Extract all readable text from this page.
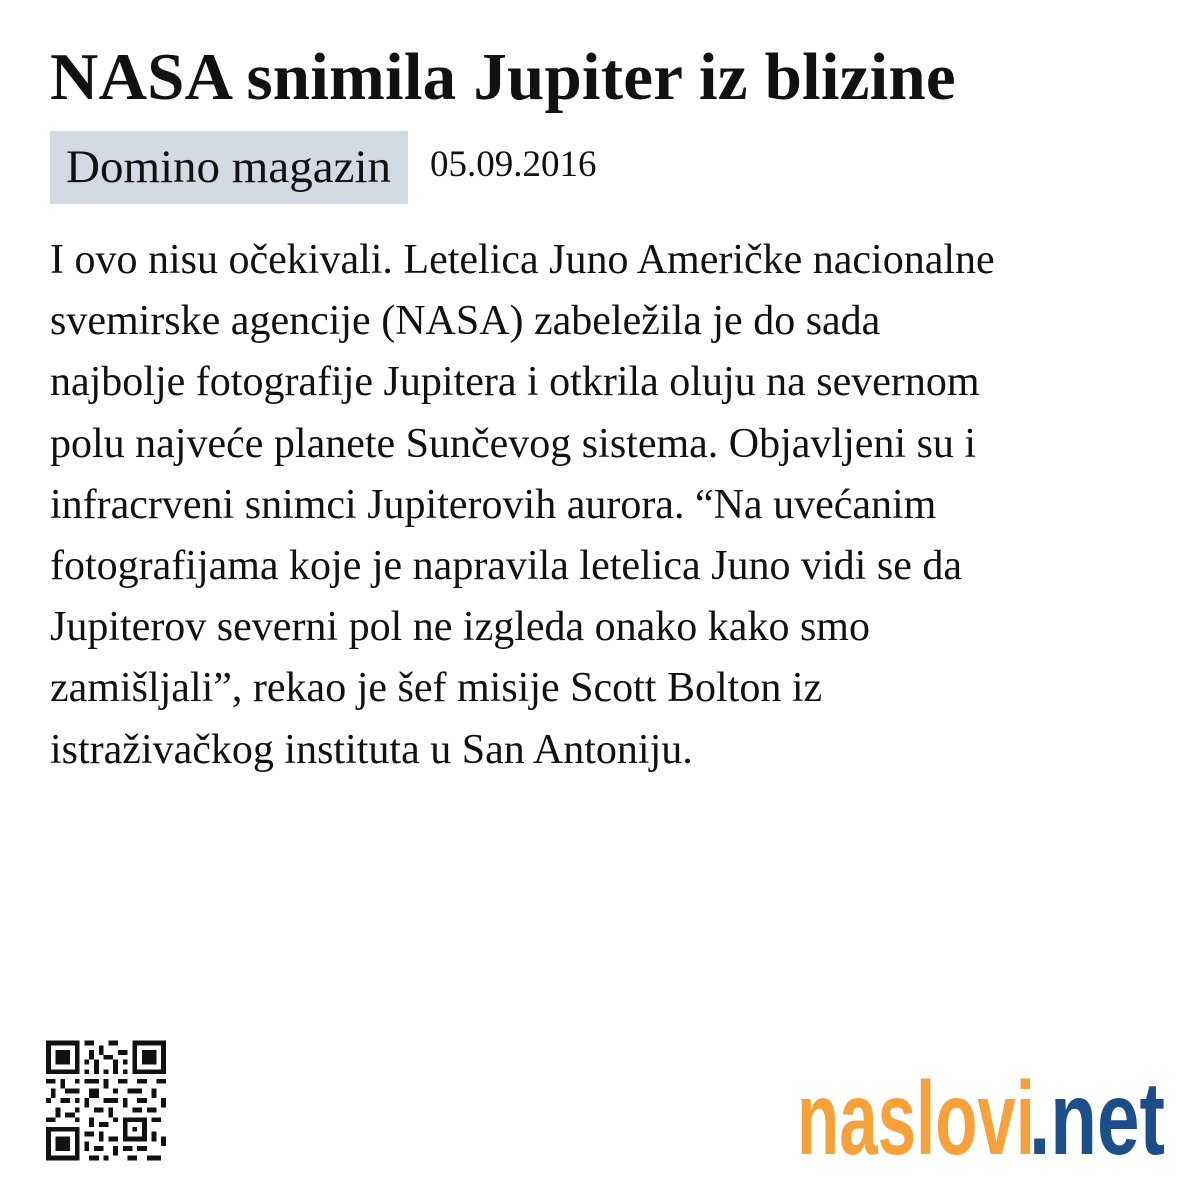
NASA snimila Jupiter iz blizine
Domino magazin	05.09.2016

I ovo nisu očekivali. Letelica Juno Američke nacionalne
svemirske agencije (NASA) zabeležila je do sada
najbolje fotografije Jupitera i otkrila oluju na severnom
polu najveće planete Sunčevog sistema. Objavljeni su i
infracrveni snimci Jupiterovih aurora. “Na uvećanim
fotografijama koje je napravila letelica Juno vidi se da
Jupiterov severni pol ne izgleda onako kako smo
zamišljali”, rekao je šef misije Scott Bolton iz
istraživačkog instituta u San Antoniju.

naslovi
.net
